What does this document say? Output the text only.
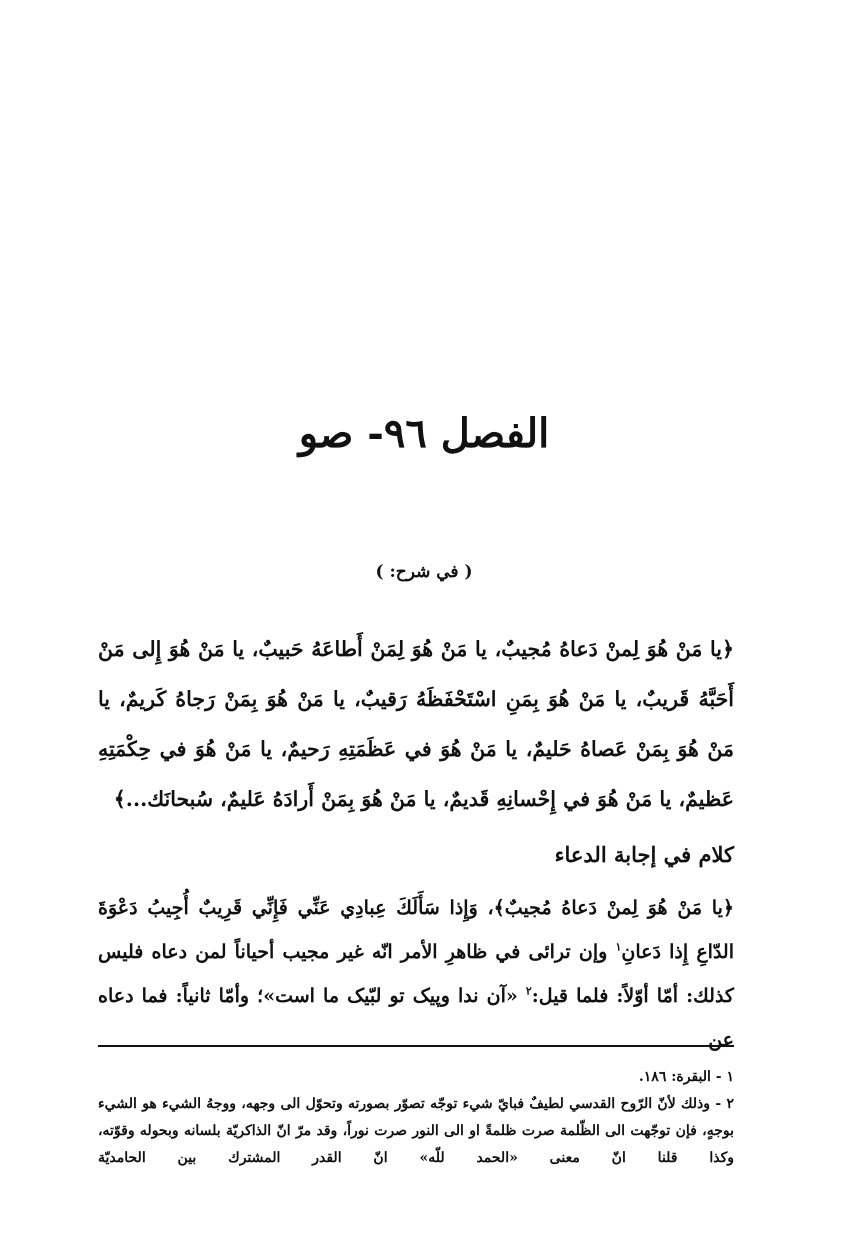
الفصل ٩٦- صو
( في شرح: )
﴿يا مَنْ هُوَ لِمنْ دَعاهُ مُجيبٌ، يا مَنْ هُوَ لِمَنْ أَطاعَهُ حَبيبٌ، يا مَنْ هُوَ إِلى مَنْ أَحَبَّهُ قَريبٌ، يا مَنْ هُوَ بِمَنِ اسْتَحْفَظَهُ رَقيبٌ، يا مَنْ هُوَ بِمَنْ رَجاهُ كَريمٌ، يا مَنْ هُوَ بِمَنْ عَصاهُ حَليمٌ، يا مَنْ هُوَ في عَظَمَتِهِ رَحيمٌ، يا مَنْ هُوَ في حِكْمَتِهِ عَظيمٌ، يا مَنْ هُوَ في إِحْسانِهِ قَديمٌ، يا مَنْ هُوَ بِمَنْ أَرادَهُ عَليمٌ، سُبحانَك...﴾
كلام في إجابة الدعاء

﴿يا مَنْ هُوَ لِمنْ دَعاهُ مُجيبٌ﴾، وَإِذا سَأَلَكَ عِبادِي عَنِّي فَإِنِّي قَرِيبٌ أُجِيبُ دَعْوَةَ

الدّاعِ إِذا دَعانِ$^١$ وإن ترائى في ظاهرِ الأمر انّه غير مجيب أحياناً لمن دعاه فليس

كذلك: أمّا أوّلاً: فلما قيل:$^٢$ «آن ندا وپيک تو لبّيک ما است»؛ وأمّا ثانياً: فما دعاه عن

١ - البقرة: ١٨٦.

٢ - وذلك لأنّ الرّوح القدسي لطيفٌ فبايّ شيء توجّه تصوّر بصورته وتحوّل الى وجهه، ووجهُ الشيء هو الشيء بوجهٍ، فإن توجّهت الى الظّلمة صرت ظلمةً او الى النور صرت نوراً، وقد مرّ انّ الذاكريّة بلسانه وبحوله وقوّته، وكذا قلنا انّ معنى «الحمد للّه» انّ القدر المشترك بين الحامديّة
